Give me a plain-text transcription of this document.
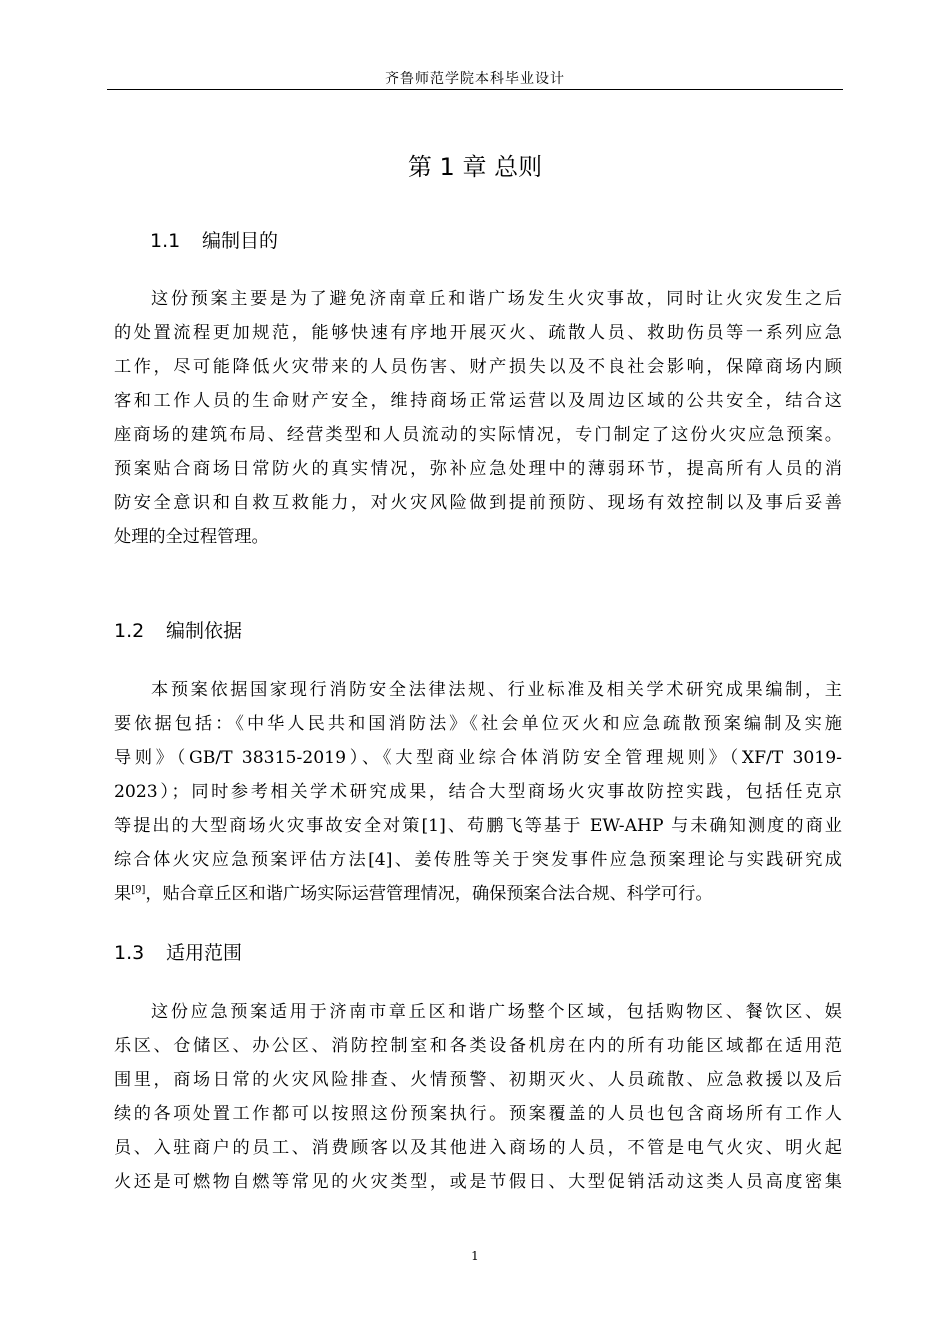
齐鲁师范学院本科毕业设计
第 1 章 总则
1.1 编制目的
这份预案主要是为了避免济南章丘和谐广场发生火灾事故，同时让火灾发生之后
的处置流程更加规范，能够快速有序地开展灭火、疏散人员、救助伤员等一系列应急
工作，尽可能降低火灾带来的人员伤害、财产损失以及不良社会影响，保障商场内顾
客和工作人员的生命财产安全，维持商场正常运营以及周边区域的公共安全，结合这
座商场的建筑布局、经营类型和人员流动的实际情况，专门制定了这份火灾应急预案。
预案贴合商场日常防火的真实情况，弥补应急处理中的薄弱环节，提高所有人员的消
防安全意识和自救互救能力，对火灾风险做到提前预防、现场有效控制以及事后妥善
处理的全过程管理。
1.2 编制依据
本预案依据国家现行消防安全法律法规、行业标准及相关学术研究成果编制，主
要依据包括：《中华人民共和国消防法》《社会单位灭火和应急疏散预案编制及实施
导则》（GB/T 38315-2019）、《大型商业综合体消防安全管理规则》（XF/T 3019-
2023）；同时参考相关学术研究成果，结合大型商场火灾事故防控实践，包括任克京
等提出的大型商场火灾事故安全对策[1]、苟鹏飞等基于 EW-AHP 与未确知测度的商业
综合体火灾应急预案评估方法[4]、姜传胜等关于突发事件应急预案理论与实践研究成
果[9]，贴合章丘区和谐广场实际运营管理情况，确保预案合法合规、科学可行。
1.3 适用范围
这份应急预案适用于济南市章丘区和谐广场整个区域，包括购物区、餐饮区、娱
乐区、仓储区、办公区、消防控制室和各类设备机房在内的所有功能区域都在适用范
围里，商场日常的火灾风险排查、火情预警、初期灭火、人员疏散、应急救援以及后
续的各项处置工作都可以按照这份预案执行。预案覆盖的人员也包含商场所有工作人
员、入驻商户的员工、消费顾客以及其他进入商场的人员，不管是电气火灾、明火起
火还是可燃物自燃等常见的火灾类型，或是节假日、大型促销活动这类人员高度密集
1
